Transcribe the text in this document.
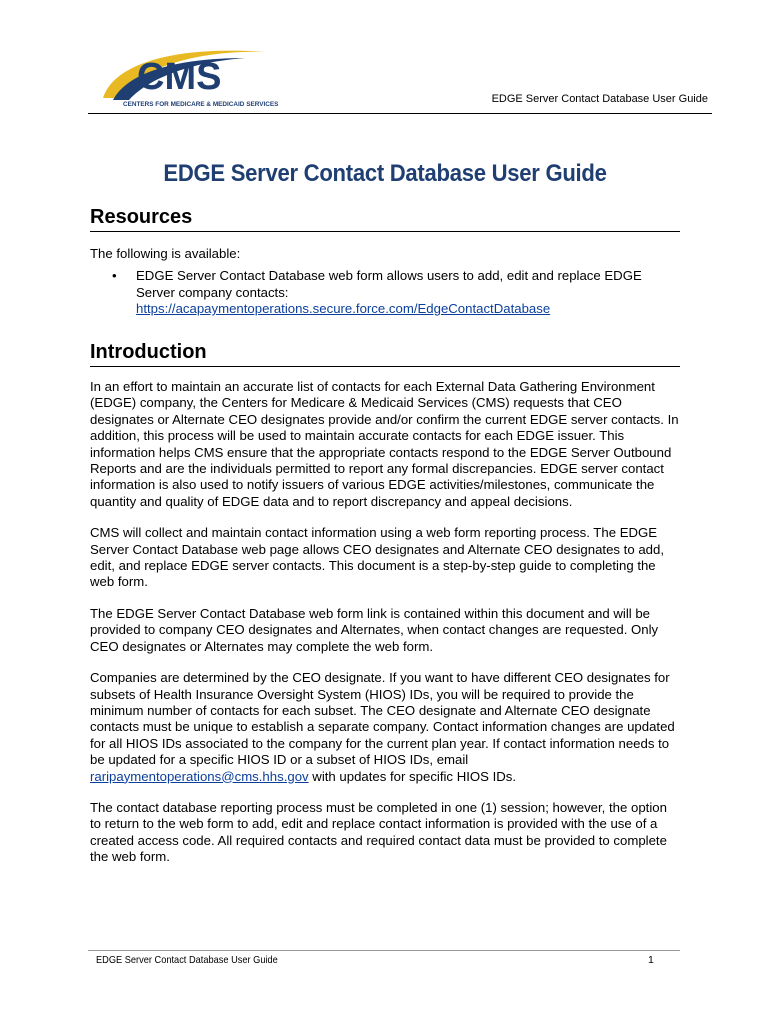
CMS
CENTERS FOR MEDICARE & MEDICAID SERVICES	EDGE Server Contact Database User Guide
EDGE Server Contact Database User Guide
Resources

The following is available:

• EDGE Server Contact Database web form allows users to add, edit and replace EDGE Server company contacts:
https://acapaymentoperations.secure.force.com/EdgeContactDatabase
Introduction

In an effort to maintain an accurate list of contacts for each External Data Gathering Environment (EDGE) company, the Centers for Medicare & Medicaid Services (CMS) requests that CEO designates or Alternate CEO designates provide and/or confirm the current EDGE server contacts. In addition, this process will be used to maintain accurate contacts for each EDGE issuer. This information helps CMS ensure that the appropriate contacts respond to the EDGE Server Outbound Reports and are the individuals permitted to report any formal discrepancies. EDGE server contact information is also used to notify issuers of various EDGE activities/milestones, communicate the quantity and quality of EDGE data and to report discrepancy and appeal decisions.

CMS will collect and maintain contact information using a web form reporting process. The EDGE Server Contact Database web page allows CEO designates and Alternate CEO designates to add, edit, and replace EDGE server contacts. This document is a step-by-step guide to completing the web form.

The EDGE Server Contact Database web form link is contained within this document and will be provided to company CEO designates and Alternates, when contact changes are requested. Only CEO designates or Alternates may complete the web form.

Companies are determined by the CEO designate. If you want to have different CEO designates for subsets of Health Insurance Oversight System (HIOS) IDs, you will be required to provide the minimum number of contacts for each subset. The CEO designate and Alternate CEO designate contacts must be unique to establish a separate company. Contact information changes are updated for all HIOS IDs associated to the company for the current plan year. If contact information needs to be updated for a specific HIOS ID or a subset of HIOS IDs, email raripaymentoperations@cms.hhs.gov with updates for specific HIOS IDs.

The contact database reporting process must be completed in one (1) session; however, the option to return to the web form to add, edit and replace contact information is provided with the use of a created access code. All required contacts and required contact data must be provided to complete the web form.

EDGE Server Contact Database User Guide	1
